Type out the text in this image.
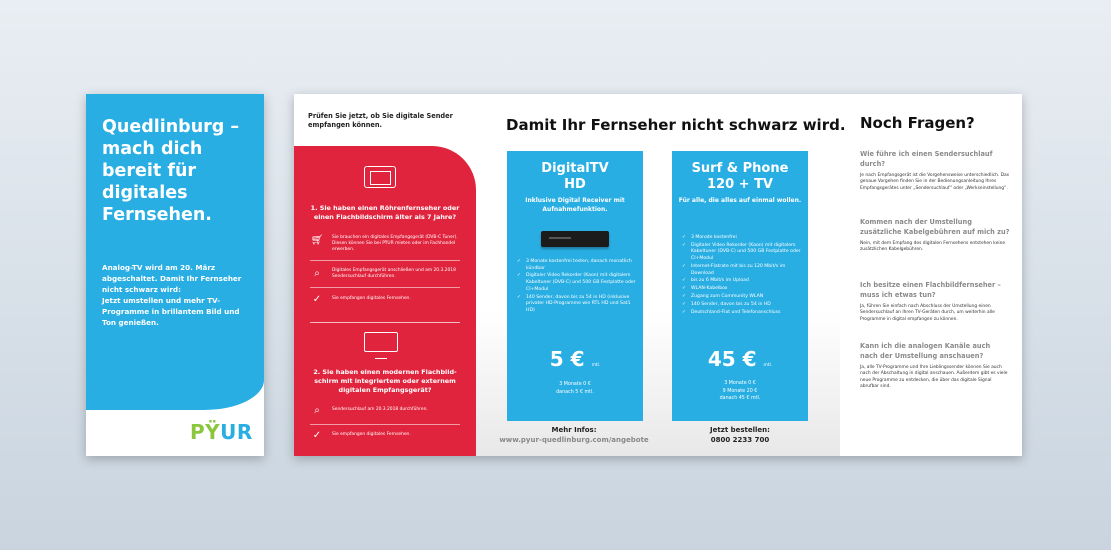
Quedlinburg –
mach dich
bereit für
digitales
Fernsehen.
Analog-TV wird am 20. März abgeschaltet. Damit Ihr Fernseher nicht schwarz wird:
Jetzt umstellen und mehr TV-Programme in brillantem Bild und Ton genießen.
PŸUR
Prüfen Sie jetzt, ob Sie digitale Sender empfangen können.
1. Sie haben einen Röhrenfernseher oder einen Flachbildschirm älter als 7 Jahre?
🛒︎ Sie brauchen ein digitales Empfangsgerät (DVB-C Tuner). Diesen können Sie bei PŸUR mieten oder im Fachhandel erwerben.
⌕	Digitales Empfangsgerät anschließen und am 20.3.2018 Sendersuchlauf durchführen.
✓	Sie empfangen digitales Fernsehen.
2. Sie haben einen modernen Flachbild-schirm mit integriertem oder externem digitalen Empfangsgerät?
⌕	Sendersuchlauf am 20.3.2018 durchführen.
✓	Sie empfangen digitales Fernsehen.
Noch Fragen?
Wie führe ich einen Sendersuchlauf durch?
Je nach Empfangsgerät ist die Vorgehensweise unterschiedlich. Das genaue Vorgehen finden Sie in der Bedienungsanleitung Ihres Empfangsgerätes unter „Sendersuchlauf“ oder „Werkseinstellung“.
Kommen nach der Umstellung zusätzliche Kabelgebühren auf mich zu?
Nein, mit dem Empfang des digitalen Fernsehens entstehen keine zusätzlichen Kabelgebühren.
Ich besitze einen Flachbildfernseher – muss ich etwas tun?
Ja, führen Sie einfach nach Abschluss der Umstellung einen Sendersuchlauf an Ihren TV-Geräten durch, um weiterhin alle Programme in digital empfangen zu können.
Kann ich die analogen Kanäle auch nach der Umstellung anschauen?
Ja, alle TV-Programme und Ihre Lieblingssender können Sie auch nach der Abschaltung in digital anschauen. Außerdem gibt es viele neue Programme zu entdecken, die über das digitale Signal abrufbar sind.
Damit Ihr Fernseher nicht schwarz wird.
DigitalTV
HD
Inklusive Digital Receiver mit Aufnahmefunktion.
✓ 3 Monate kostenfrei testen, danach monatlich kündbar
✓ Digitaler Video Rekorder (Kaon) mit digitalem Kabeltuner (DVB-C) und 500 GB Festplatte oder CI+Modul
✓ 140 Sender, davon bis zu 54 in HD (inklusive privater HD-Programme wie RTL HD und Sat1 HD)
5 € mtl.
3 Monate 0 €
danach 5 € mtl.
Surf & Phone
120 + TV
Für alle, die alles auf einmal wollen.
✓ 3 Monate kostenfrei
✓ Digitaler Video Rekorder (Kaon) mit digitalem Kabeltuner (DVB-C) und 500 GB Festplatte oder CI+Modul
✓ Internet-Flatrate mit bis zu 120 Mbit/s im Download
✓ bis zu 6 Mbit/s im Upload
✓ WLAN-Kabelbox
✓ Zugang zum Community WLAN
✓ 140 Sender, davon bis zu 54 in HD
✓ Deutschland-Flat und Telefonanschluss
45 € mtl.
3 Monate 0 €
9 Monate 20 €
danach 45 € mtl.
Mehr Infos:
www.pyur-quedlinburg.com/angebote
Jetzt bestellen:
0800 2233 700
